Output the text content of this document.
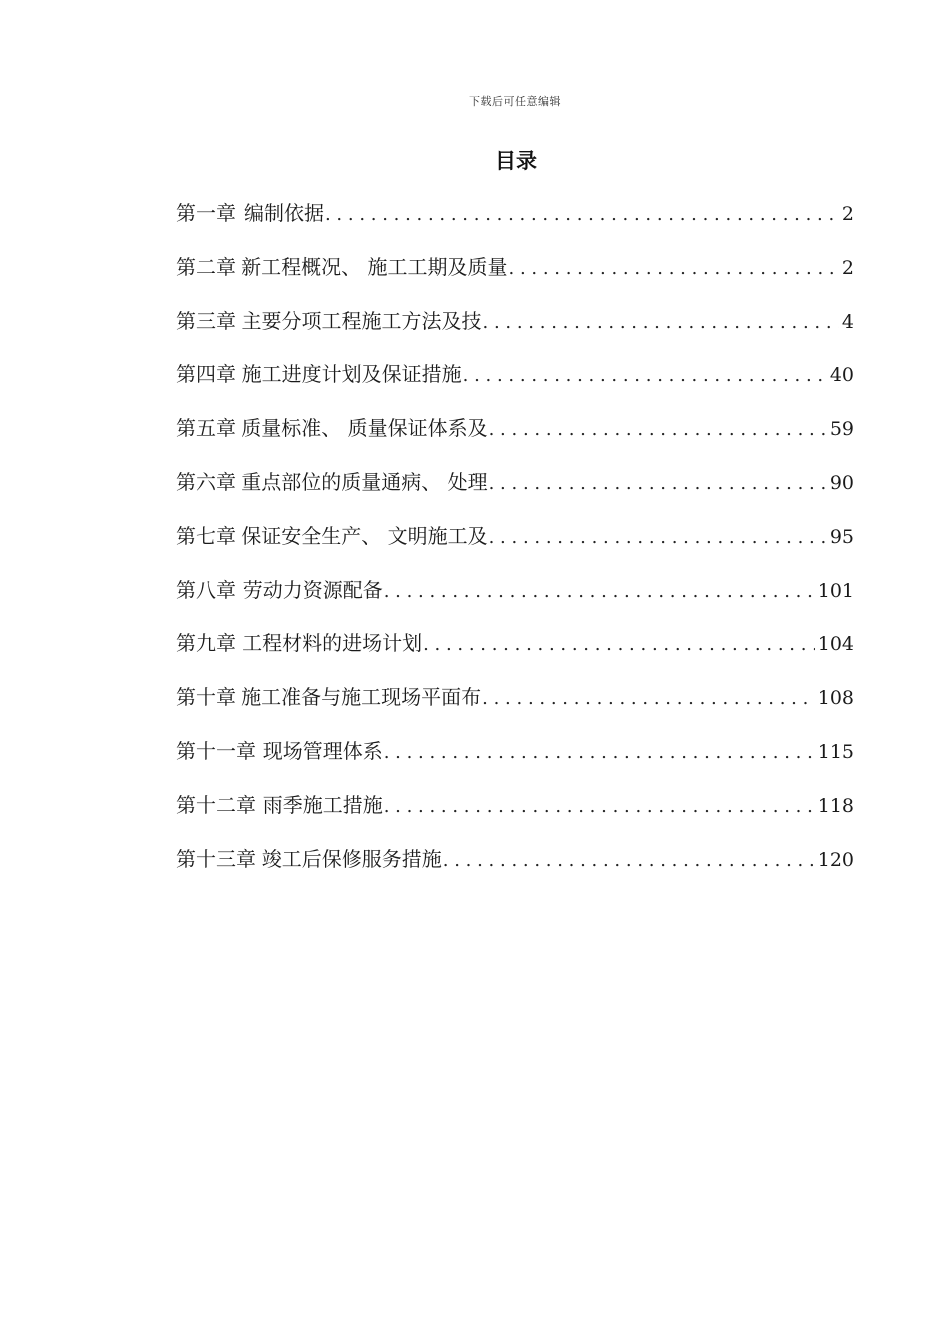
下载后可任意编辑
目录
第一章 编制依据 . . .	2
第二章 新工程概况、 施工工期及质量 . . .	2
第三章 主要分项工程施工方法及技 . . .	4
第四章 施工进度计划及保证措施 . . .	40
第五章 质量标准、 质量保证体系及 . . .	59
第六章 重点部位的质量通病、 处理 . . .	90
第七章 保证安全生产、 文明施工及 . . .	95
第八章 劳动力资源配备 . . .	101
第九章 工程材料的进场计划 . . .	104
第十章 施工准备与施工现场平面布 . . .	108
第十一章 现场管理体系 . . .	115
第十二章 雨季施工措施 . . .	118
第十三章 竣工后保修服务措施 . . .	120
